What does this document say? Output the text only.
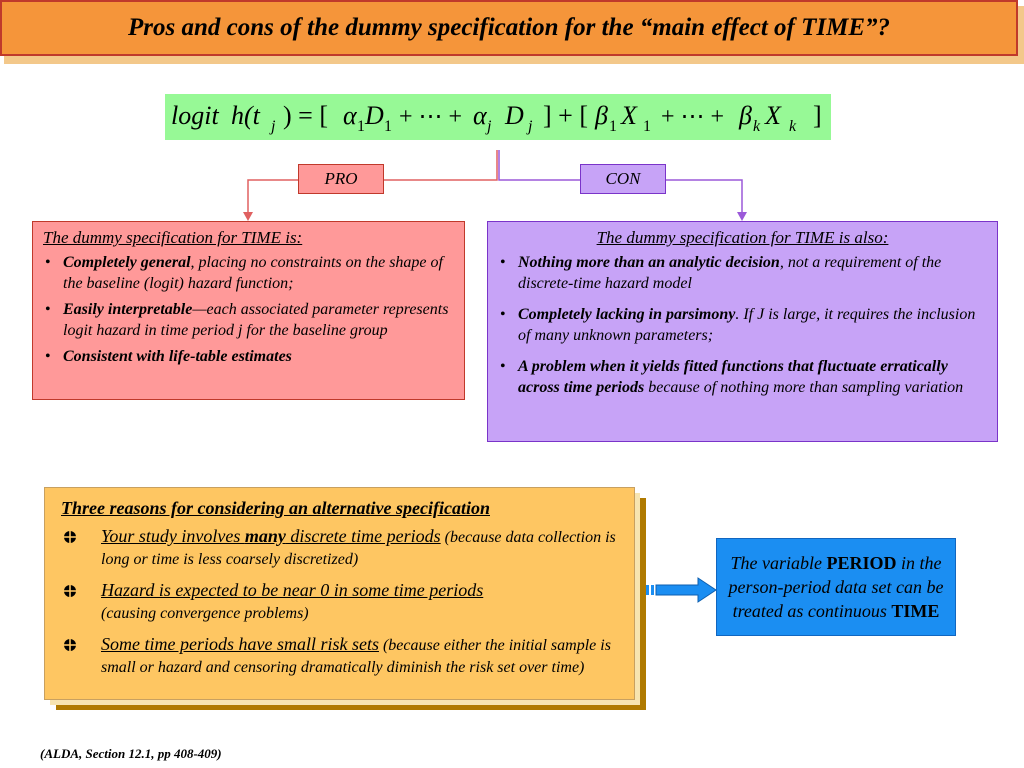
Pros and cons of the dummy specification for the “main effect of TIME”?
logit h(t j ) = [ α 1 D 1 + ⋯ + α j D j ] + [ β 1 X 1 + ⋯ + β k X k ]
PRO	CON
The dummy specification for TIME is:
• Completely general, placing no constraints on the shape of the baseline (logit) hazard function;
• Easily interpretable—each associated parameter represents logit hazard in time period j for the baseline group
• Consistent with life-table estimates
The dummy specification for TIME is also:
• Nothing more than an analytic decision, not a requirement of the discrete-time hazard model
• Completely lacking in parsimony. If J is large, it requires the inclusion of many unknown parameters;
• A problem when it yields fitted functions that fluctuate erratically across time periods because of nothing more than sampling variation
Three reasons for considering an alternative specification
Your study involves many discrete time periods (because data collection is long or time is less coarsely discretized)
Hazard is expected to be near 0 in some time periods
(causing convergence problems)
Some time periods have small risk sets (because either the initial sample is small or hazard and censoring dramatically diminish the risk set over time)
The variable PERIOD in the person-period data set can be treated as continuous TIME
(ALDA, Section 12.1, pp 408-409)
